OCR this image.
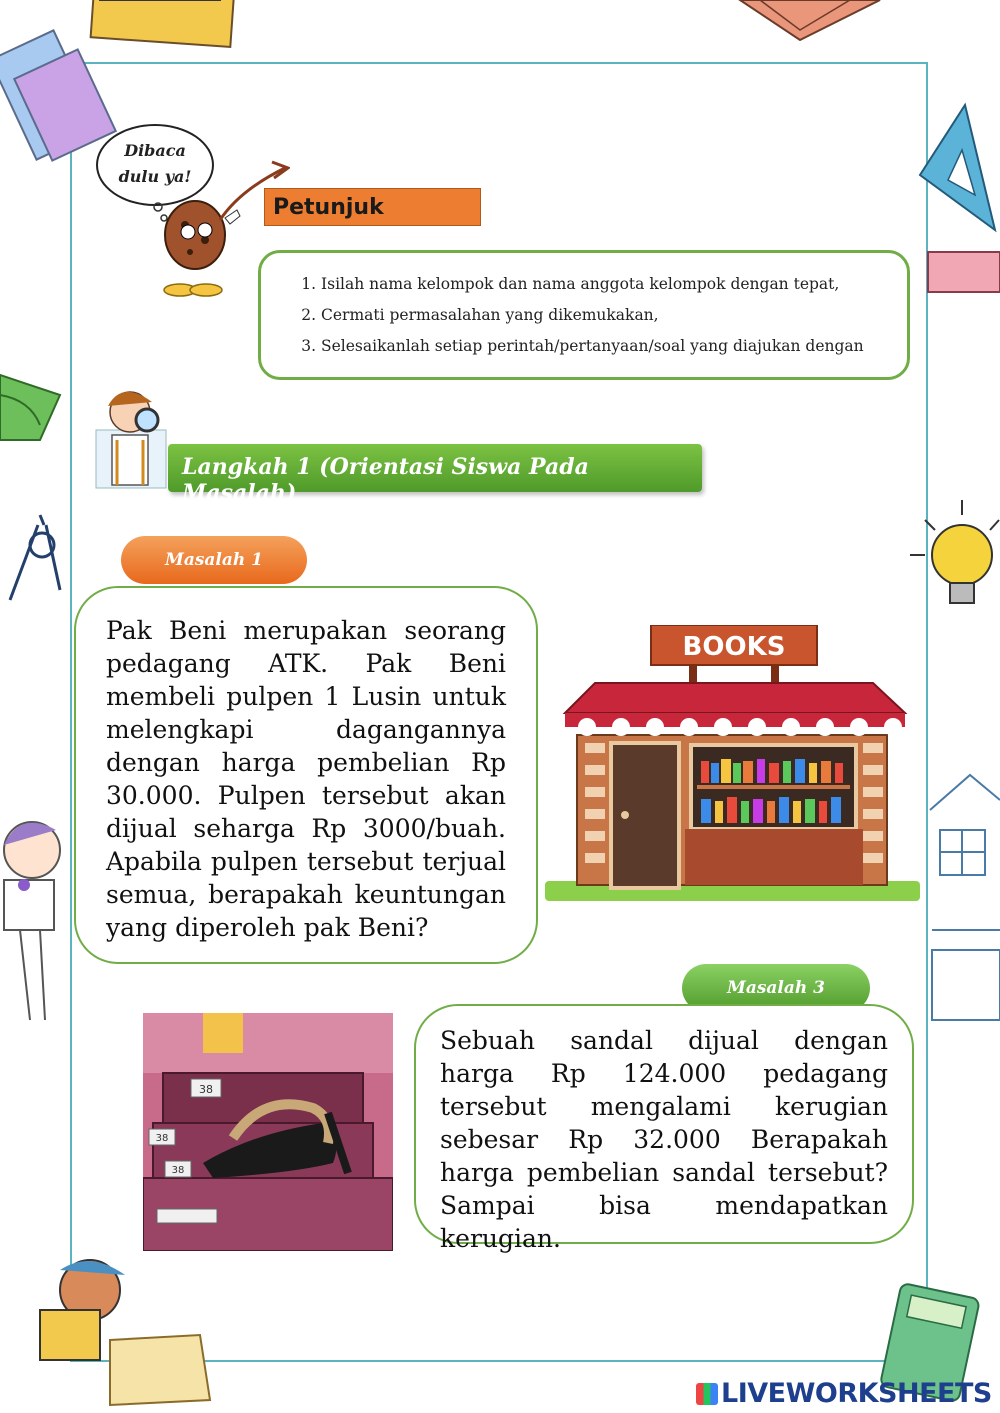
Dibaca
dulu ya!
Petunjuk
1. Isilah nama kelompok dan nama anggota kelompok dengan tepat,
2. Cermati permasalahan yang dikemukakan,
3. Selesaikanlah setiap perintah/pertanyaan/soal yang diajukan dengan
Langkah 1 (Orientasi Siswa Pada Masalah)
Masalah 1
Pak Beni merupakan seorang pedagang ATK. Pak Beni membeli pulpen 1 Lusin untuk melengkapi dagangannya dengan harga pembelian Rp 30.000. Pulpen tersebut akan dijual seharga Rp 3000/buah. Apabila pulpen tersebut terjual semua, berapakah keuntungan yang diperoleh pak Beni?
BOOKS
Masalah 3
Sebuah sandal dijual dengan harga Rp 124.000 pedagang tersebut mengalami kerugian sebesar Rp 32.000 Berapakah harga pembelian sandal tersebut? Sampai bisa mendapatkan kerugian.
38
38
38
LIVEWORKSHEETS
